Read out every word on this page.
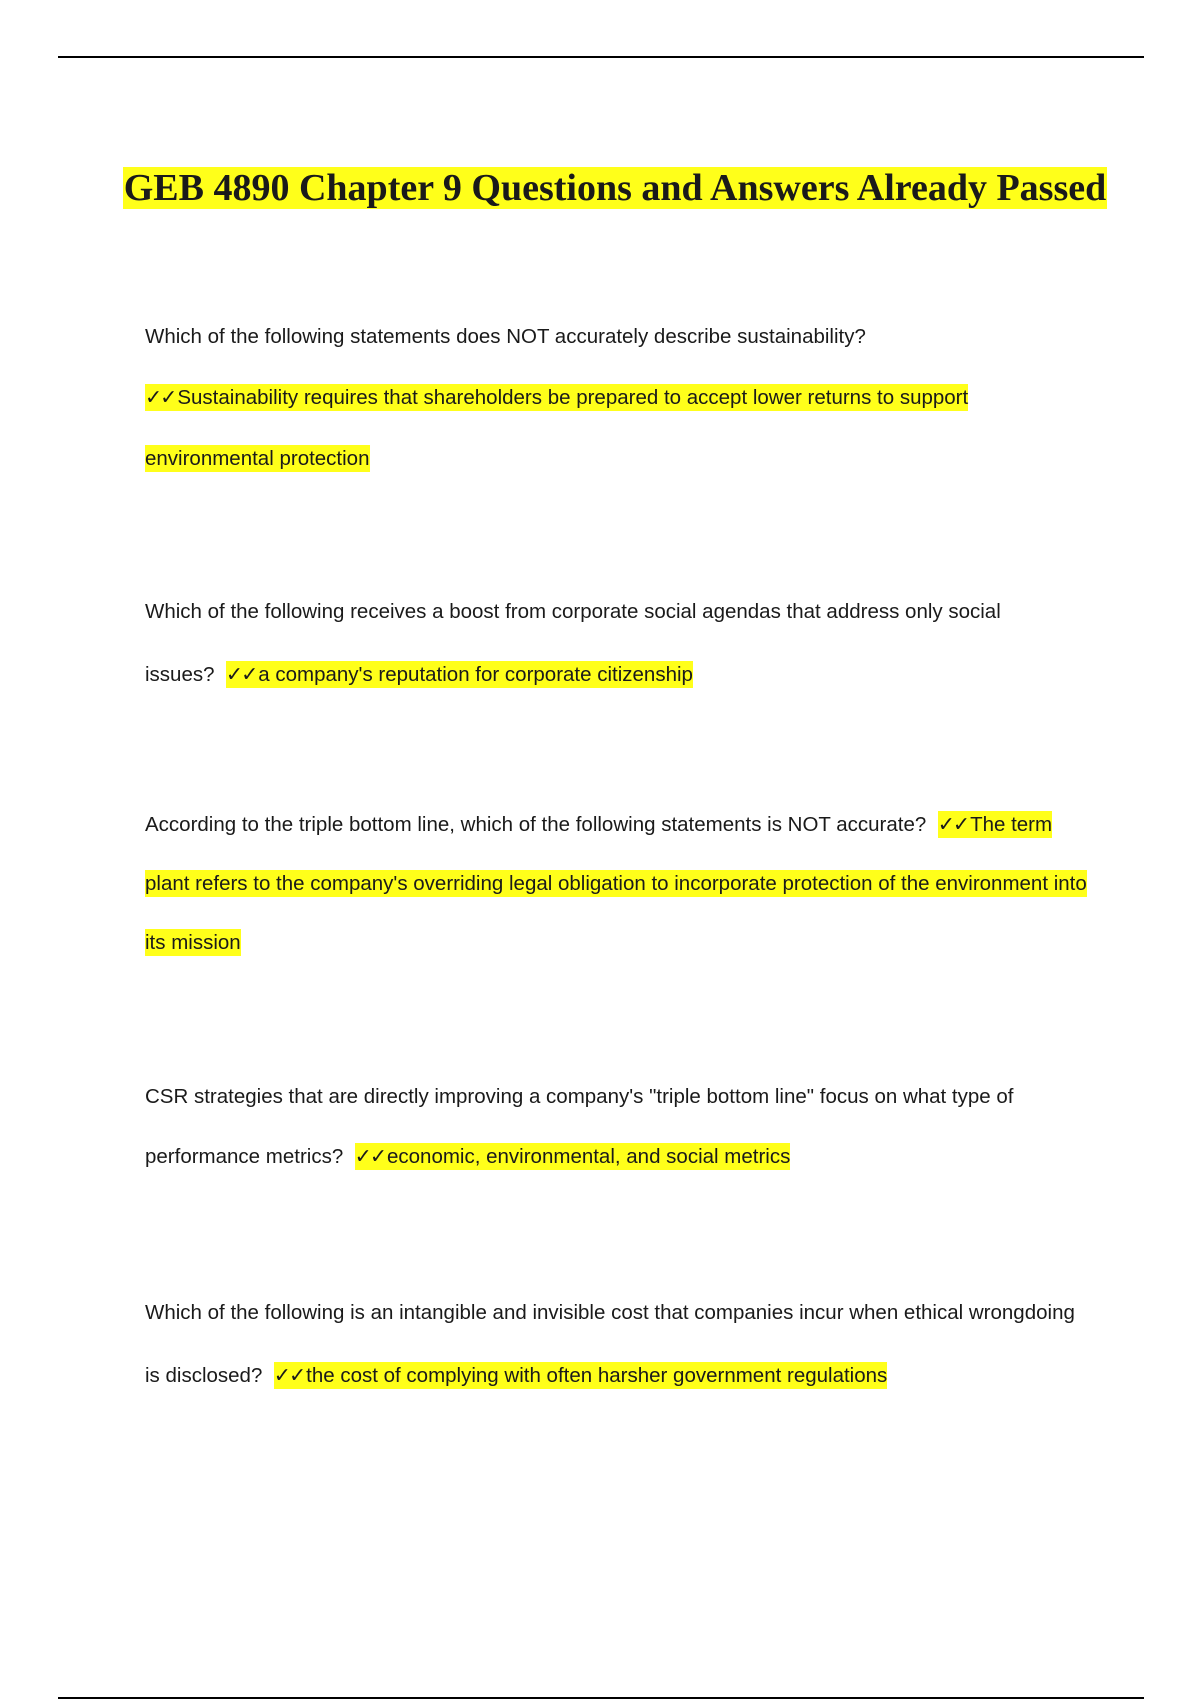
GEB 4890 Chapter 9 Questions and Answers Already Passed

Which of the following statements does NOT accurately describe sustainability?
✓✓Sustainability requires that shareholders be prepared to accept lower returns to support environmental protection

Which of the following receives a boost from corporate social agendas that address only social issues? ✓✓a company's reputation for corporate citizenship

According to the triple bottom line, which of the following statements is NOT accurate? ✓✓The term plant refers to the company's overriding legal obligation to incorporate protection of the environment into its mission

CSR strategies that are directly improving a company's "triple bottom line" focus on what type of performance metrics? ✓✓economic, environmental, and social metrics

Which of the following is an intangible and invisible cost that companies incur when ethical wrongdoing is disclosed? ✓✓the cost of complying with often harsher government regulations
